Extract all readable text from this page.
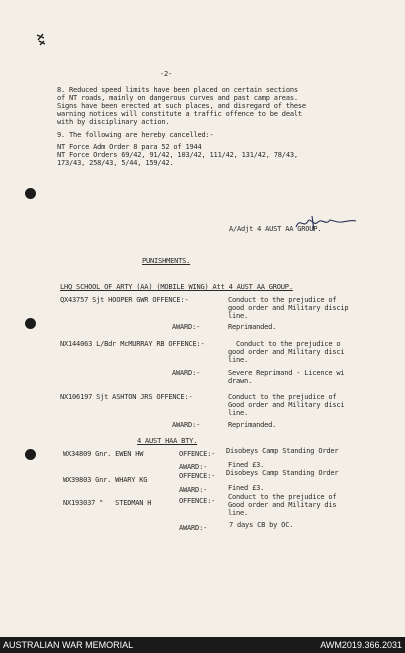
-2-
8. Reduced speed limits have been placed on certain sections
of NT roads, mainly on dangerous curves and past camp areas.
Signs have been erected at such places, and disregard of these
warning notices will constitute a traffic offence to be dealt
with by disciplinary action.
9. The following are hereby cancelled:-
NT Force Adm Order 8 para 52 of 1944
NT Force Orders 69/42, 91/42, 103/42, 111/42, 131/42, 78/43,
173/43, 258/43, 5/44, 159/42.
A/Adjt 4 AUST AA GROUP.
PUNISHMENTS.
LHQ SCHOOL OF ARTY (AA) (MOBILE WING) Att 4 AUST AA GROUP.
QX43757 Sjt HOOPER GWR OFFENCE:-	Conduct to the prejudice of
good order and Military discip
line.
AWARD:-	Reprimanded.
NX144063 L/Bdr McMURRAY RB OFFENCE:-	Conduct to the prejudice o
good order and Military disci
line.
AWARD:-	Severe Reprimand - Licence wi
drawn.
NX106197 Sjt ASHTON JRS OFFENCE:-	Conduct to the prejudice of
Good order and Military disci
line.
AWARD:-	Reprimanded.
4 AUST HAA BTY.
WX34809 Gnr. EWEN HW	OFFENCE:- Disobeys Camp Standing Order
AWARD:-	Fined £3.
WX39803 Gnr. WHARY KG	OFFENCE:- Disobeys Camp Standing Order
AWARD:-	Fined £3.
NX193037 "   STEDMAN H	OFFENCE:- Conduct to the prejudice of
Good order and Military dis
line.
AWARD:-	7 days CB by OC.
AUSTRALIAN WAR MEMORIAL	AWM2019.366.2031
